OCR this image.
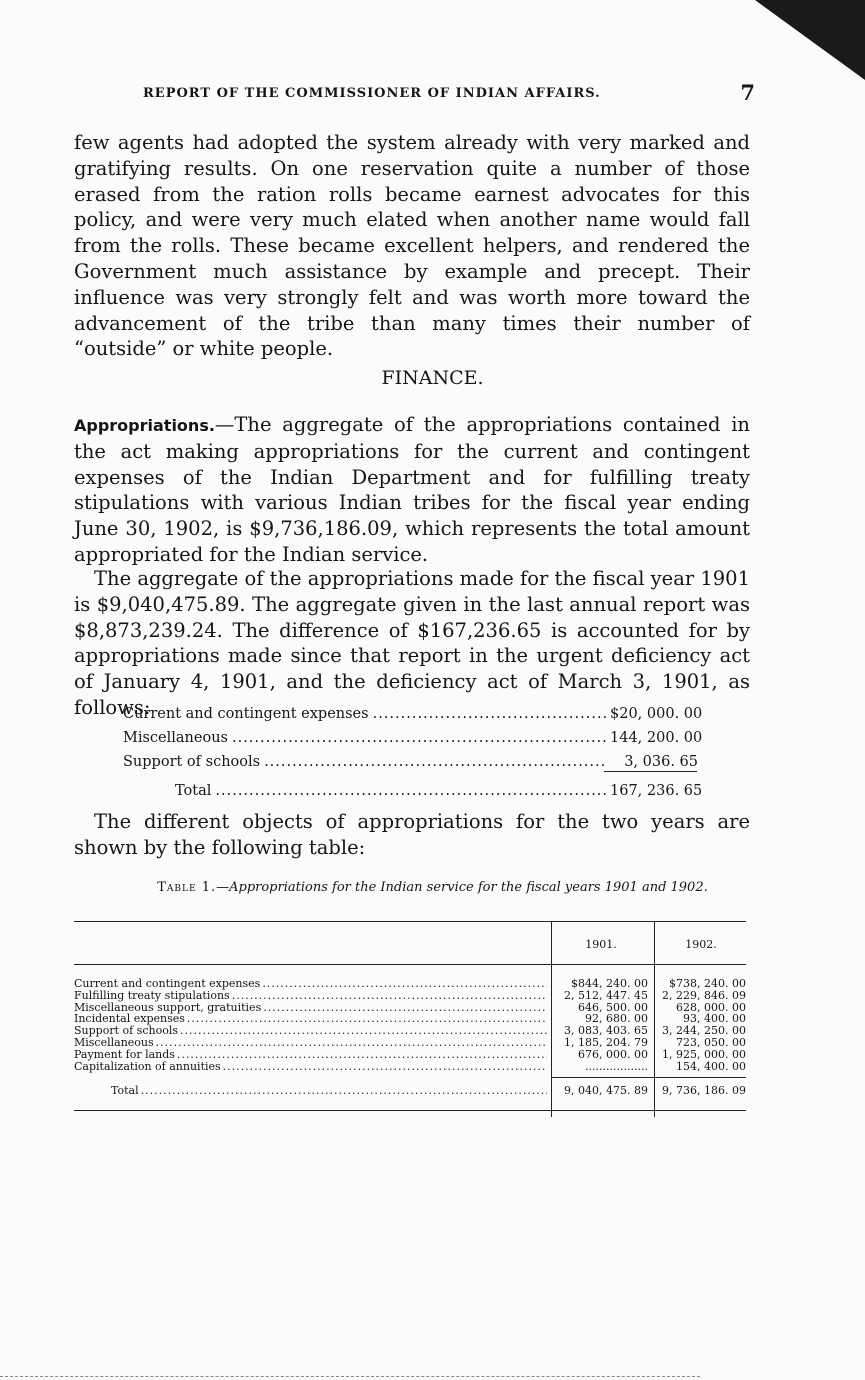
REPORT OF THE COMMISSIONER OF INDIAN AFFAIRS.	7
few agents had adopted the system already with very marked and gratifying results. On one reservation quite a number of those erased from the ration rolls became earnest advocates for this policy, and were very much elated when another name would fall from the rolls. These became excellent helpers, and rendered the Government much assistance by example and precept. Their influence was very strongly felt and was worth more toward the advancement of the tribe than many times their number of “outside” or white people.
FINANCE.
Appropriations.—The aggregate of the appropriations contained in the act making appropriations for the current and contingent expenses of the Indian Department and for fulfilling treaty stipulations with various Indian tribes for the fiscal year ending June 30, 1902, is $9,736,186.09, which represents the total amount appropriated for the Indian service.
The aggregate of the appropriations made for the fiscal year 1901 is $9,040,475.89. The aggregate given in the last annual report was $8,873,239.24. The difference of $167,236.65 is accounted for by appropriations made since that report in the urgent deficiency act of January 4, 1901, and the deficiency act of March 3, 1901, as follows:
Current and contingent expenses .....	$20, 000. 00
Miscellaneous .....	144, 200. 00
Support of schools .....	3, 036. 65
Total .....	167, 236. 65
The different objects of appropriations for the two years are shown by the following table:
Table 1.—Appropriations for the Indian service for the fiscal years 1901 and 1902.
1901.	1902.
Current and contingent expenses .....	$844, 240. 00	$738, 240. 00
Fulfilling treaty stipulations .....	2, 512, 447. 45	2, 229, 846. 09
Miscellaneous support, gratuities .....	646, 500. 00	628, 000. 00
Incidental expenses .....	92, 680. 00	93, 400. 00
Support of schools .....	3, 083, 403. 65	3, 244, 250. 00
Miscellaneous .....	1, 185, 204. 79	723, 050. 00
Payment for lands .....	676, 000. 00	1, 925, 000. 00
Capitalization of annuities .....	..................	154, 400. 00
Total .....	9, 040, 475. 89	9, 736, 186. 09
